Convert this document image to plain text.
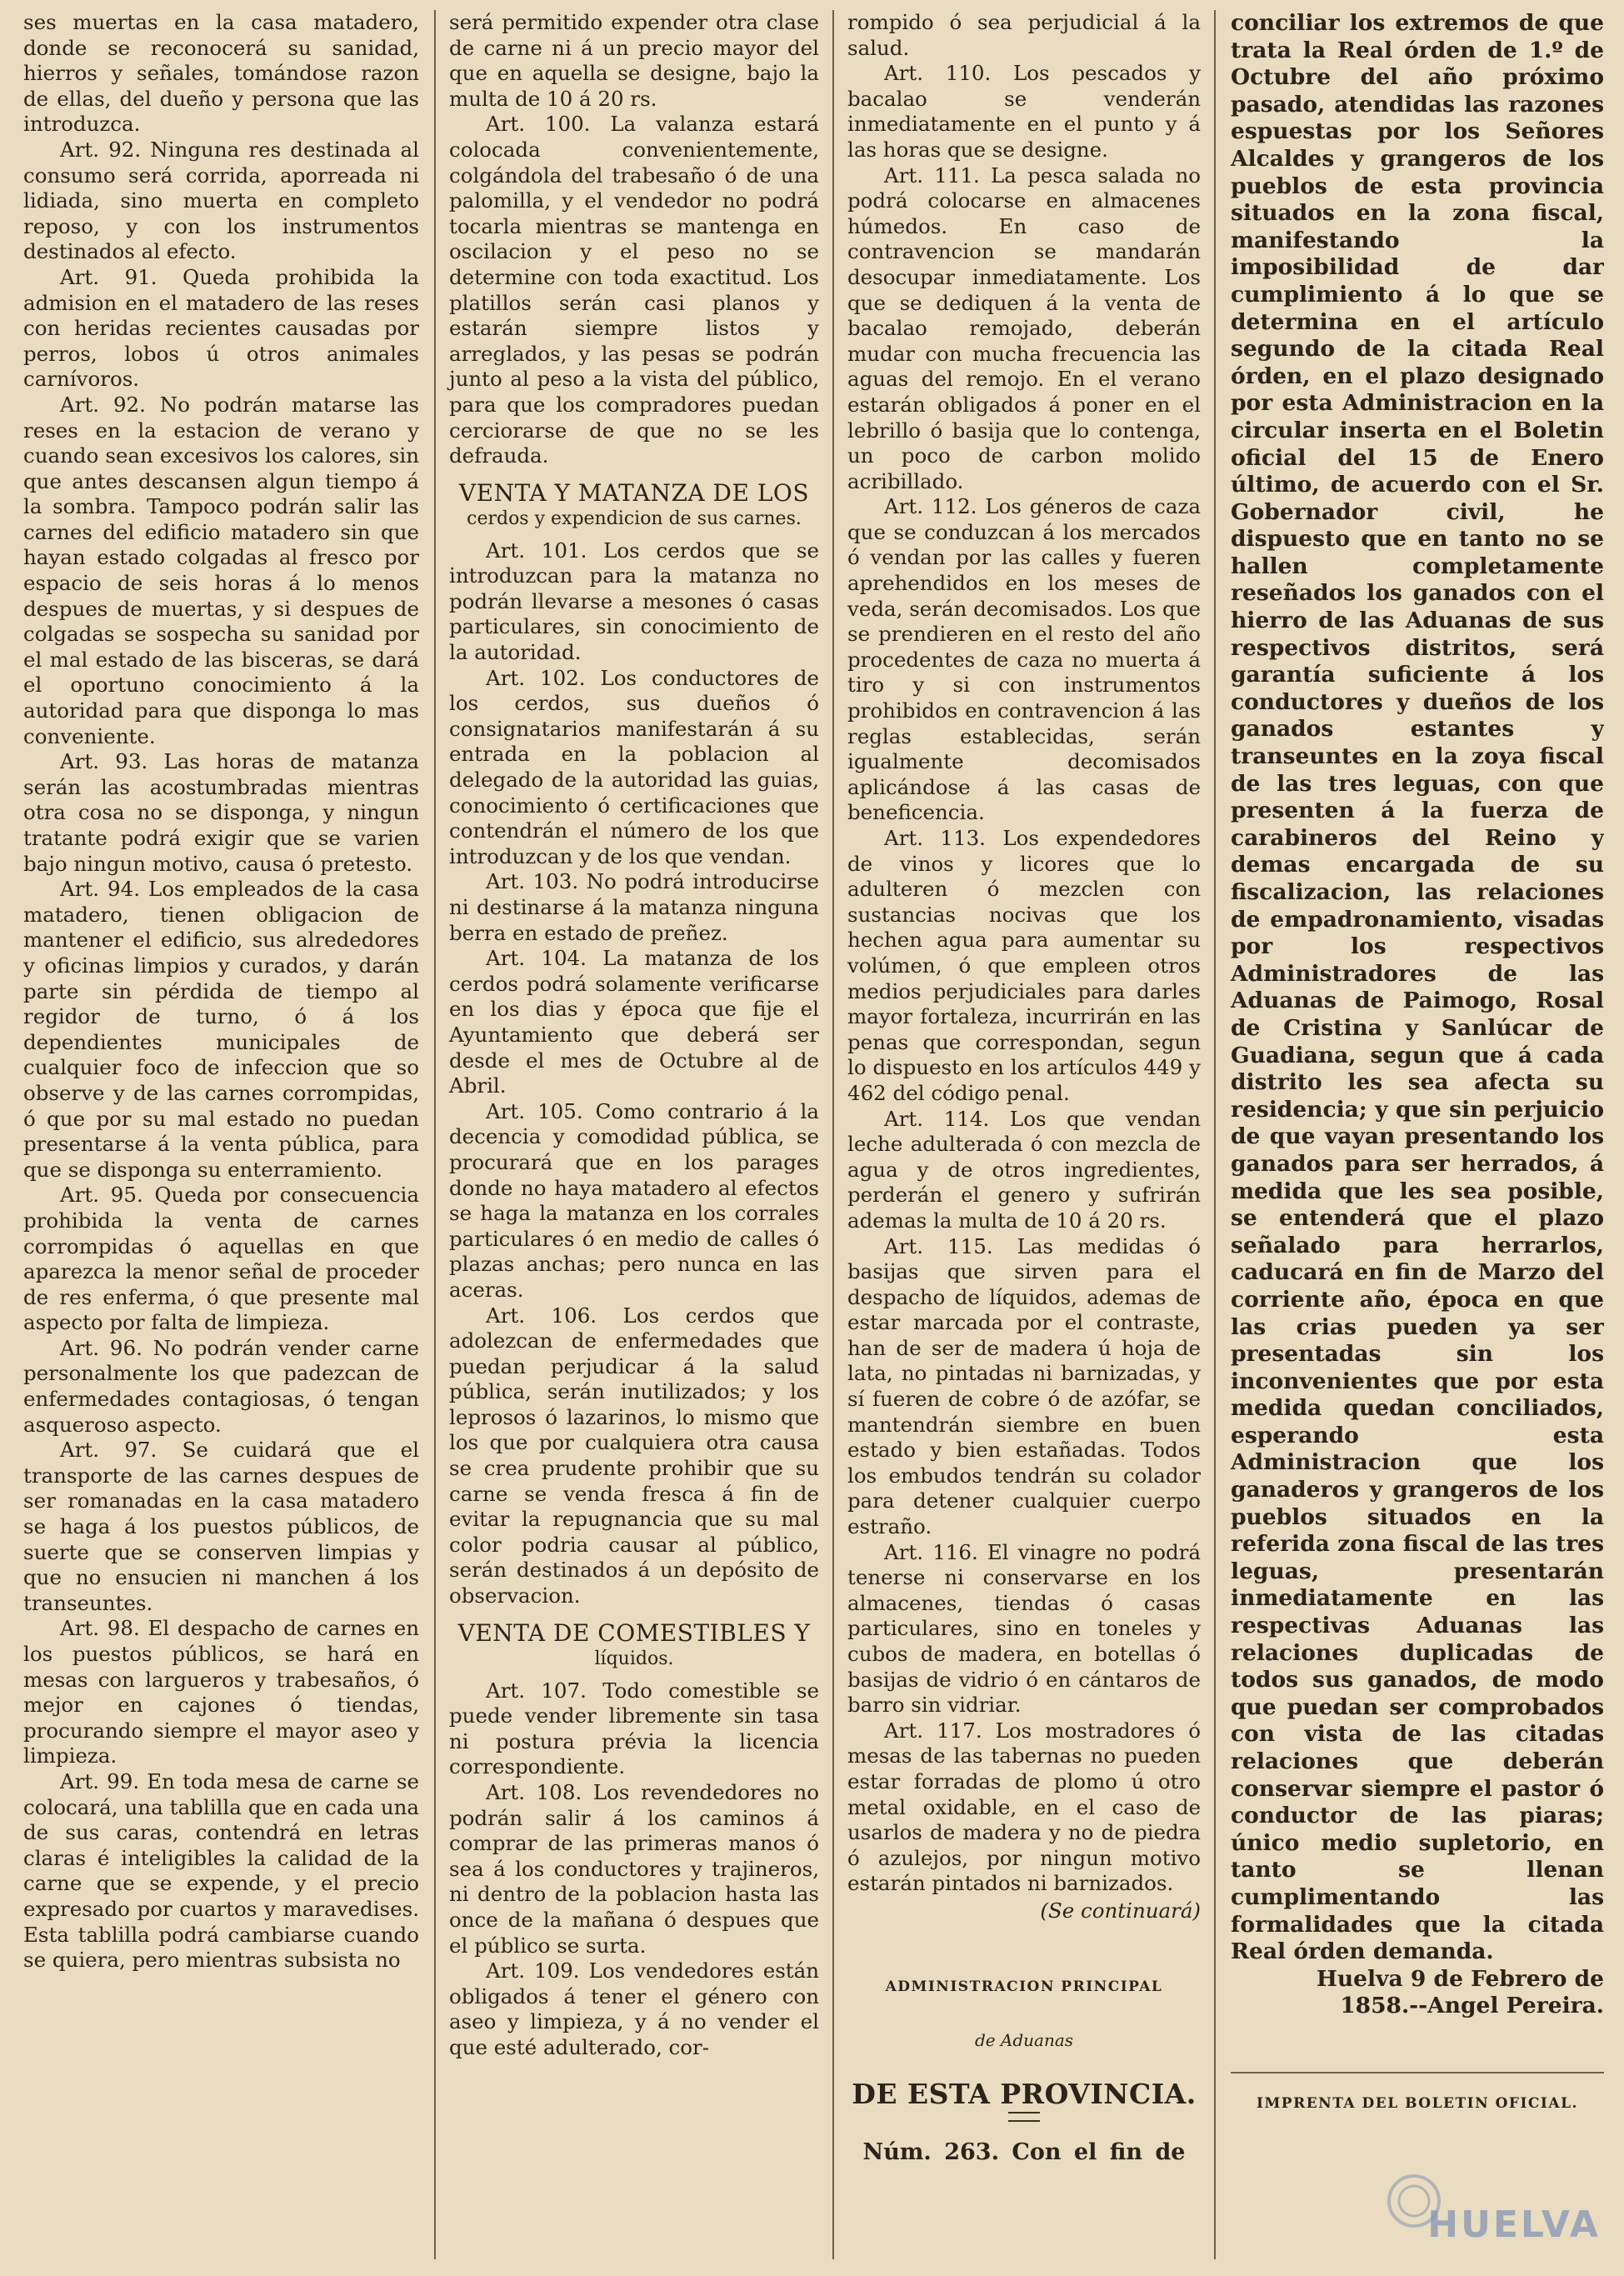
ses muertas en la casa matadero, donde se reconocerá su sanidad, hierros y señales, tomándose razon de ellas, del dueño y persona que las introduzca.

Art. 92. Ninguna res destinada al consumo será corrida, aporreada ni lidiada, sino muerta en completo reposo, y con los instrumentos destinados al efecto.

Art. 91. Queda prohibida la admision en el matadero de las reses con heridas recientes causadas por perros, lobos ú otros animales carnívoros.

Art. 92. No podrán matarse las reses en la estacion de verano y cuando sean excesivos los calores, sin que antes descansen algun tiempo á la sombra. Tampoco podrán salir las carnes del edificio matadero sin que hayan estado colgadas al fresco por espacio de seis horas á lo menos despues de muertas, y si despues de colgadas se sospecha su sanidad por el mal estado de las bisceras, se dará el oportuno conocimiento á la autoridad para que disponga lo mas conveniente.

Art. 93. Las horas de matanza serán las acostumbradas mientras otra cosa no se disponga, y ningun tratante podrá exigir que se varien bajo ningun motivo, causa ó pretesto.

Art. 94. Los empleados de la casa matadero, tienen obligacion de mantener el edificio, sus alrededores y oficinas limpios y curados, y darán parte sin pérdida de tiempo al regidor de turno, ó á los dependientes municipales de cualquier foco de infeccion que so observe y de las carnes corrompidas, ó que por su mal estado no puedan presentarse á la venta pública, para que se disponga su enterramiento.

Art. 95. Queda por consecuencia prohibida la venta de carnes corrompidas ó aquellas en que aparezca la menor señal de proceder de res enferma, ó que presente mal aspecto por falta de limpieza.

Art. 96. No podrán vender carne personalmente los que padezcan de enfermedades contagiosas, ó tengan asqueroso aspecto.

Art. 97. Se cuidará que el transporte de las carnes despues de ser romanadas en la casa matadero se haga á los puestos públicos, de suerte que se conserven limpias y que no ensucien ni manchen á los transeuntes.

Art. 98. El despacho de carnes en los puestos públicos, se hará en mesas con largueros y trabesaños, ó mejor en cajones ó tiendas, procurando siempre el mayor aseo y limpieza.

Art. 99. En toda mesa de carne se colocará, una tablilla que en cada una de sus caras, contendrá en letras claras é inteligibles la calidad de la carne que se expende, y el precio expresado por cuartos y maravedises. Esta tablilla podrá cambiarse cuando se quiera, pero mientras subsista no

será permitido expender otra clase de carne ni á un precio mayor del que en aquella se designe, bajo la multa de 10 á 20 rs.

Art. 100. La valanza estará colocada convenientemente, colgándola del trabesaño ó de una palomilla, y el vendedor no podrá tocarla mientras se mantenga en oscilacion y el peso no se determine con toda exactitud. Los platillos serán casi planos y estarán siempre listos y arreglados, y las pesas se podrán junto al peso a la vista del público, para que los compradores puedan cerciorarse de que no se les defrauda.

VENTA Y MATANZA DE LOS
cerdos y expendicion de sus carnes.

Art. 101. Los cerdos que se introduzcan para la matanza no podrán llevarse a mesones ó casas particulares, sin conocimiento de la autoridad.

Art. 102. Los conductores de los cerdos, sus dueños ó consignatarios manifestarán á su entrada en la poblacion al delegado de la autoridad las guias, conocimiento ó certificaciones que contendrán el número de los que introduzcan y de los que vendan.

Art. 103. No podrá introducirse ni destinarse á la matanza ninguna berra en estado de preñez.

Art. 104. La matanza de los cerdos podrá solamente verificarse en los dias y época que fije el Ayuntamiento que deberá ser desde el mes de Octubre al de Abril.

Art. 105. Como contrario á la decencia y comodidad pública, se procurará que en los parages donde no haya matadero al efectos se haga la matanza en los corrales particulares ó en medio de calles ó plazas anchas; pero nunca en las aceras.

Art. 106. Los cerdos que adolezcan de enfermedades que puedan perjudicar á la salud pública, serán inutilizados; y los leprosos ó lazarinos, lo mismo que los que por cualquiera otra causa se crea prudente prohibir que su carne se venda fresca á fin de evitar la repugnancia que su mal color podria causar al público, serán destinados á un depósito de observacion.

VENTA DE COMESTIBLES Y
líquidos.

Art. 107. Todo comestible se puede vender libremente sin tasa ni postura prévia la licencia correspondiente.

Art. 108. Los revendedores no podrán salir á los caminos á comprar de las primeras manos ó sea á los conductores y trajineros, ni dentro de la poblacion hasta las once de la mañana ó despues que el público se surta.

Art. 109. Los vendedores están obligados á tener el género con aseo y limpieza, y á no vender el que esté adulterado, cor-

rompido ó sea perjudicial á la salud.

Art. 110. Los pescados y bacalao se venderán inmediatamente en el punto y á las horas que se designe.

Art. 111. La pesca salada no podrá colocarse en almacenes húmedos. En caso de contravencion se mandarán desocupar inmediatamente. Los que se dediquen á la venta de bacalao remojado, deberán mudar con mucha frecuencia las aguas del remojo. En el verano estarán obligados á poner en el lebrillo ó basija que lo contenga, un poco de carbon molido acribillado.

Art. 112. Los géneros de caza que se conduzcan á los mercados ó vendan por las calles y fueren aprehendidos en los meses de veda, serán decomisados. Los que se prendieren en el resto del año procedentes de caza no muerta á tiro y si con instrumentos prohibidos en contravencion á las reglas establecidas, serán igualmente decomisados aplicándose á las casas de beneficencia.

Art. 113. Los expendedores de vinos y licores que lo adulteren ó mezclen con sustancias nocivas que los hechen agua para aumentar su volúmen, ó que empleen otros medios perjudiciales para darles mayor fortaleza, incurrirán en las penas que correspondan, segun lo dispuesto en los artículos 449 y 462 del código penal.

Art. 114. Los que vendan leche adulterada ó con mezcla de agua y de otros ingredientes, perderán el genero y sufrirán ademas la multa de 10 á 20 rs.

Art. 115. Las medidas ó basijas que sirven para el despacho de líquidos, ademas de estar marcada por el contraste, han de ser de madera ú hoja de lata, no pintadas ni barnizadas, y sí fueren de cobre ó de azófar, se mantendrán siembre en buen estado y bien estañadas. Todos los embudos tendrán su colador para detener cualquier cuerpo estraño.

Art. 116. El vinagre no podrá tenerse ni conservarse en los almacenes, tiendas ó casas particulares, sino en toneles y cubos de madera, en botellas ó basijas de vidrio ó en cántaros de barro sin vidriar.

Art. 117. Los mostradores ó mesas de las tabernas no pueden estar forradas de plomo ú otro metal oxidable, en el caso de usarlos de madera y no de piedra ó azulejos, por ningun motivo estarán pintados ni barnizados.

(Se continuará)
ADMINISTRACION PRINCIPAL
de Aduanas
DE ESTA PROVINCIA.
Núm. 263. Con el fin de

conciliar los extremos de que trata la Real órden de 1.º de Octubre del año próximo pasado, atendidas las razones espuestas por los Señores Alcaldes y grangeros de los pueblos de esta provincia situados en la zona fiscal, manifestando la imposibilidad de dar cumplimiento á lo que se determina en el artículo segundo de la citada Real órden, en el plazo designado por esta Administracion en la circular inserta en el Boletin oficial del 15 de Enero último, de acuerdo con el Sr. Gobernador civil, he dispuesto que en tanto no se hallen completamente reseñados los ganados con el hierro de las Aduanas de sus respectivos distritos, será garantía suficiente á los conductores y dueños de los ganados estantes y transeuntes en la zoya fiscal de las tres leguas, con que presenten á la fuerza de carabineros del Reino y demas encargada de su fiscalizacion, las relaciones de empadronamiento, visadas por los respectivos Administradores de las Aduanas de Paimogo, Rosal de Cristina y Sanlúcar de Guadiana, segun que á cada distrito les sea afecta su residencia; y que sin perjuicio de que vayan presentando los ganados para ser herrados, á medida que les sea posible, se entenderá que el plazo señalado para herrarlos, caducará en fin de Marzo del corriente año, época en que las crias pueden ya ser presentadas sin los inconvenientes que por esta medida quedan conciliados, esperando esta Administracion que los ganaderos y grangeros de los pueblos situados en la referida zona fiscal de las tres leguas, presentarán inmediatamente en las respectivas Aduanas las relaciones duplicadas de todos sus ganados, de modo que puedan ser comprobados con vista de las citadas relaciones que deberán conservar siempre el pastor ó conductor de las piaras; único medio supletorio, en tanto se llenan cumplimentando las formalidades que la citada Real órden demanda.

Huelva 9 de Febrero de 1858.--Angel Pereira.

IMPRENTA DEL BOLETIN OFICIAL.
HUELVA
